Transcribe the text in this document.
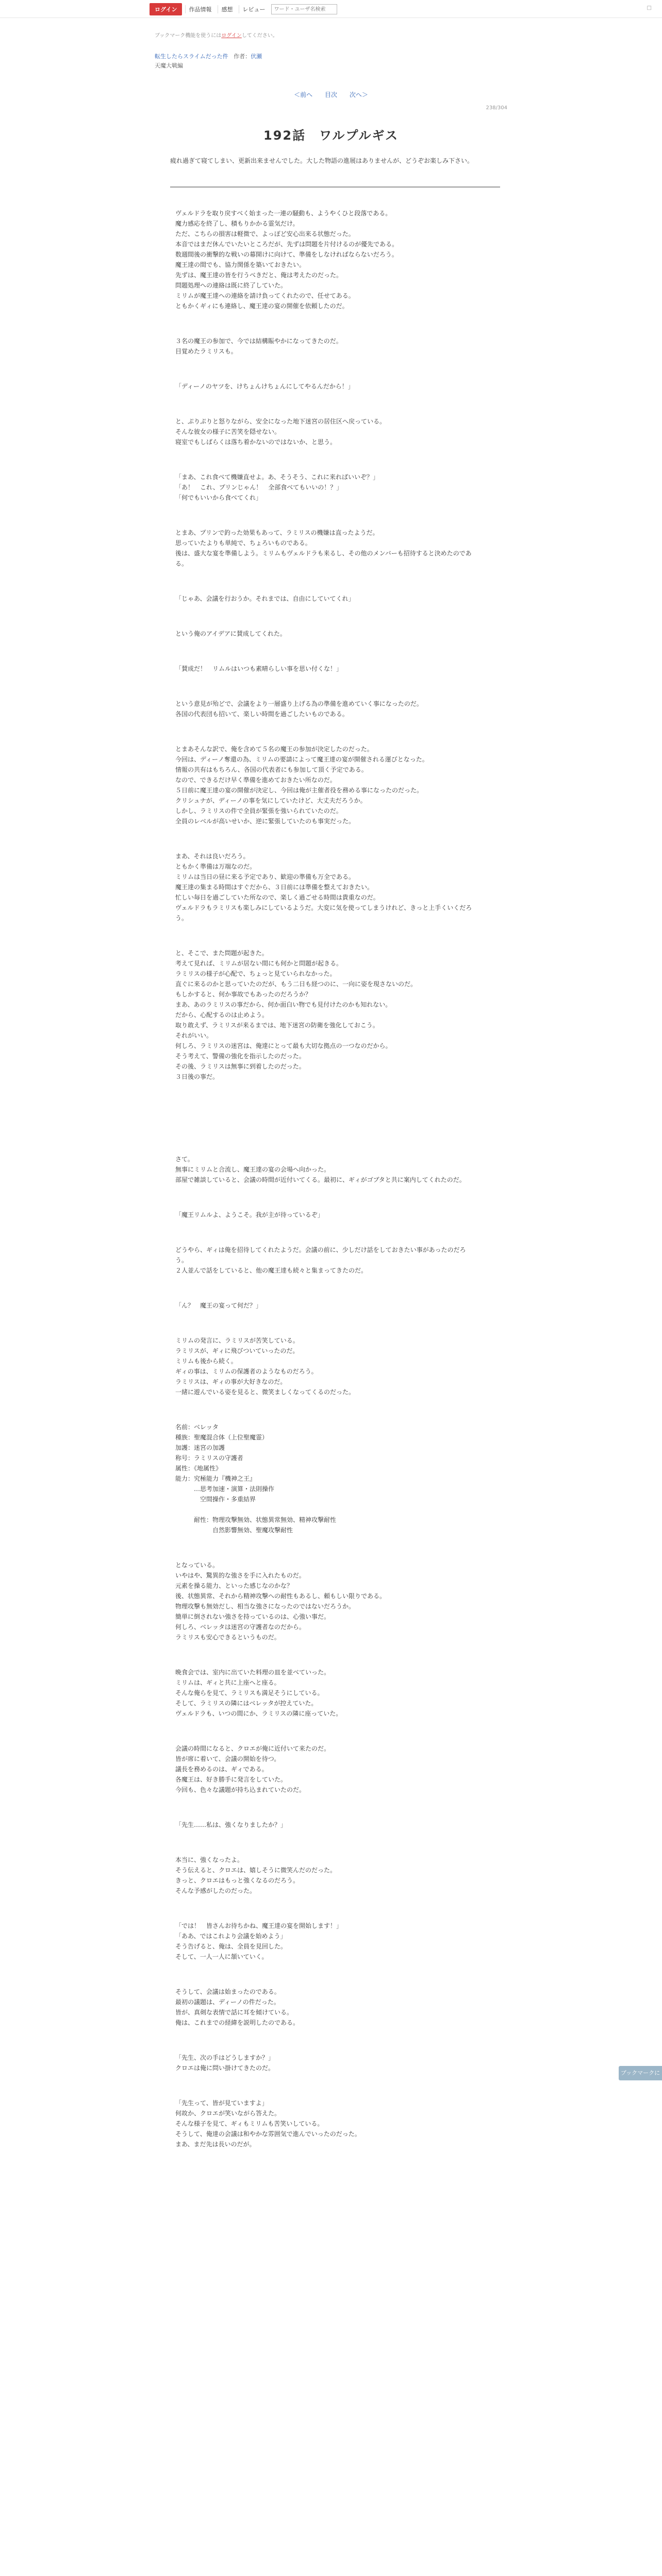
ログイン	作品情報	感想	レビュー
ワード・ユーザ名検索	□

ブックマーク機能を使うにはログインしてください。

転生したらスライムだった件 作者：伏瀬

天魔大戦編

＜前へ 目次 次へ＞

238/304

192話　ワルプルギス

疲れ過ぎて寝てしまい、更新出来ませんでした。大した物語の進展はありませんが、どうぞお楽しみ下さい。

ヴェルドラを取り戻すべく始まった一連の騒動も、ようやくひと段落である。
魔力感応を終了し、積もりかかる霊気だけ。
ただ、こちらの損害は軽微で、よっぽど安心出来る状態だった。
本音ではまだ休んでいたいところだが、先ずは問題を片付けるのが優先である。
数週間後の衝撃的な戦いの幕開けに向けて、準備をしなければならないだろう。
魔王達の間でも、協力関係を築いておきたい。
先ずは、魔王達の皆を行うべきだと、俺は考えたのだった。
問題処理への連絡は既に終了していた。
ミリムが魔王達への連絡を請け負ってくれたので、任せてある。
ともかくギィにも連絡し、魔王達の宴の開催を依頼したのだ。

３名の魔王の参加で、今では結構賑やかになってきたのだ。
目覚めたラミリスも。

「ディーノのヤツを、けちょんけちょんにしてやるんだから！」

と、ぷりぷりと怒りながら、安全になった地下迷宮の居住区へ戻っている。
そんな彼女の様子に苦笑を隠せない。
寝室でもしばらくは落ち着かないのではないか、と思う。

「まあ、これ食べて機嫌直せよ。あ、そうそう、これに来ればいいぞ？」
「あ！　これ、プリンじゃん！　全部食べてもいいの！？」
「何でもいいから食べてくれ」

とまあ、プリンで釣った効果もあって、ラミリスの機嫌は直ったようだ。
思っていたよりも単純で、ちょろいものである。
後は、盛大な宴を準備しよう。ミリムもヴェルドラも来るし、その他のメンバーも招待すると決めたのである。

「じゃあ、会議を行おうか。それまでは、自由にしていてくれ」

という俺のアイデアに賛成してくれた。

「賛成だ！　リムルはいつも素晴らしい事を思い付くな！」

という意見が殆どで、会議をより一層盛り上げる為の準備を進めていく事になったのだ。
各国の代表団も招いて、楽しい時間を過ごしたいものである。

とまあそんな訳で、俺を含めて５名の魔王の参加が決定したのだった。
今回は、ディーノ奪還の為、ミリムの要請によって魔王達の宴が開催される運びとなった。
情報の共有はもちろん、各国の代表者にも参加して頂く予定である。
なので、できるだけ早く準備を進めておきたい所なのだ。
５日前に魔王達の宴の開催が決定し、今回は俺が主催者役を務める事になったのだった。
クリシュナが、ディーノの事を気にしていたけど、大丈夫だろうか。
しかし、ラミリスの件で全員が緊張を強いられていたのだ。
全員のレベルが高いせいか、逆に緊張していたのも事実だった。

まあ、それは良いだろう。
ともかく準備は万端なのだ。
ミリムは当日の昼に来る予定であり、歓迎の準備も万全である。
魔王達の集まる時間はすぐだから、３日前には準備を整えておきたい。
忙しい毎日を過ごしていた所なので、楽しく過ごせる時間は貴重なのだ。
ヴェルドラもラミリスも楽しみにしているようだ。大変に気を使ってしまうけれど、きっと上手くいくだろう。

と、そこで、また問題が起きた。
考えて見れば、ミリムが居ない間にも何かと問題が起きる。
ラミリスの様子が心配で、ちょっと見ていられなかった。
直ぐに来るのかと思っていたのだが、もう二日も経つのに、一向に姿を現さないのだ。
もしかすると、何か事故でもあったのだろうか？
まあ、あのラミリスの事だから、何か面白い物でも見付けたのかも知れない。
だから、心配するのは止めよう。
取り敢えず、ラミリスが来るまでは、地下迷宮の防衛を強化しておこう。
それがいい。
何しろ、ラミリスの迷宮は、俺達にとって最も大切な拠点の一つなのだから。
そう考えて、警備の強化を指示したのだった。
その後、ラミリスは無事に到着したのだった。
３日後の事だ。

さて。
無事にミリムと合流し、魔王達の宴の会場へ向かった。
部屋で雑談していると、会議の時間が近付いてくる。最初に、ギィがゴブタと共に案内してくれたのだ。

「魔王リムルよ、ようこそ。我が主が待っているぞ」

どうやら、ギィは俺を招待してくれたようだ。会議の前に、少しだけ話をしておきたい事があったのだろう。
２人並んで話をしていると、他の魔王達も続々と集まってきたのだ。

「ん？　魔王の宴って何だ？」

ミリムの発言に、ラミリスが苦笑している。
ラミリスが、ギィに飛びついていったのだ。
ミリムも後から続く。
ギィの事は、ミリムの保護者のようなものだろう。
ラミリスは、ギィの事が大好きなのだ。
一緒に遊んでいる姿を見ると、微笑ましくなってくるのだった。

名前：ベレッタ
種族：聖魔混合体（上位聖魔霊）
加護：迷宮の加護
称号：ラミリスの守護者
属性：《地属性》
能力：究極能力『機神之王』
　　　…思考加速・演算・法則操作
　　　　空間操作・多重結界

　　　耐性：物理攻撃無効、状態異常無効、精神攻撃耐性
　　　　　　自然影響無効、聖魔攻撃耐性

となっている。
いやはや、驚異的な強さを手に入れたものだ。
元素を操る能力、といった感じなのかな？
後、状態異常、それから精神攻撃への耐性もあるし、頼もしい限りである。
物理攻撃も無効だし、相当な強さになったのではないだろうか。
簡単に倒されない強さを持っているのは、心強い事だ。
何しろ、ベレッタは迷宮の守護者なのだから。
ラミリスも安心できるというものだ。

晩食会では、室内に出ていた料理の皿を並べていった。
ミリムは、ギィと共に上座へと座る。
そんな俺らを見て、ラミリスも満足そうにしている。
そして、ラミリスの隣にはベレッタが控えていた。
ヴェルドラも、いつの間にか、ラミリスの隣に座っていた。

会議の時間になると、クロエが俺に近付いて来たのだ。
皆が席に着いて、会議の開始を待つ。
議長を務めるのは、ギィである。
各魔王は、好き勝手に発言をしていた。
今回も、色々な議題が持ち込まれていたのだ。

「先生……私は、強くなりましたか？」

本当に、強くなったよ。
そう伝えると、クロエは、嬉しそうに微笑んだのだった。
きっと、クロエはもっと強くなるのだろう。
そんな予感がしたのだった。

「では！　皆さんお待ちかね、魔王達の宴を開始します！」
「ああ、ではこれより会議を始めよう」
そう告げると、俺は、全員を見回した。
そして、一人一人に頷いていく。

そうして、会議は始まったのである。
最初の議題は、ディーノの件だった。
皆が、真剣な表情で話に耳を傾けている。
俺は、これまでの経緯を説明したのである。

「先生、次の手はどうしますか？」
クロエは俺に問い掛けてきたのだ。

「先生って、皆が見ていますよ」
何故か、クロエが笑いながら答えた。
そんな様子を見て、ギィもミリムも苦笑いしている。
そうして、俺達の会議は和やかな雰囲気で進んでいったのだった。
まあ、まだ先は長いのだが。

ブックマークに追加
